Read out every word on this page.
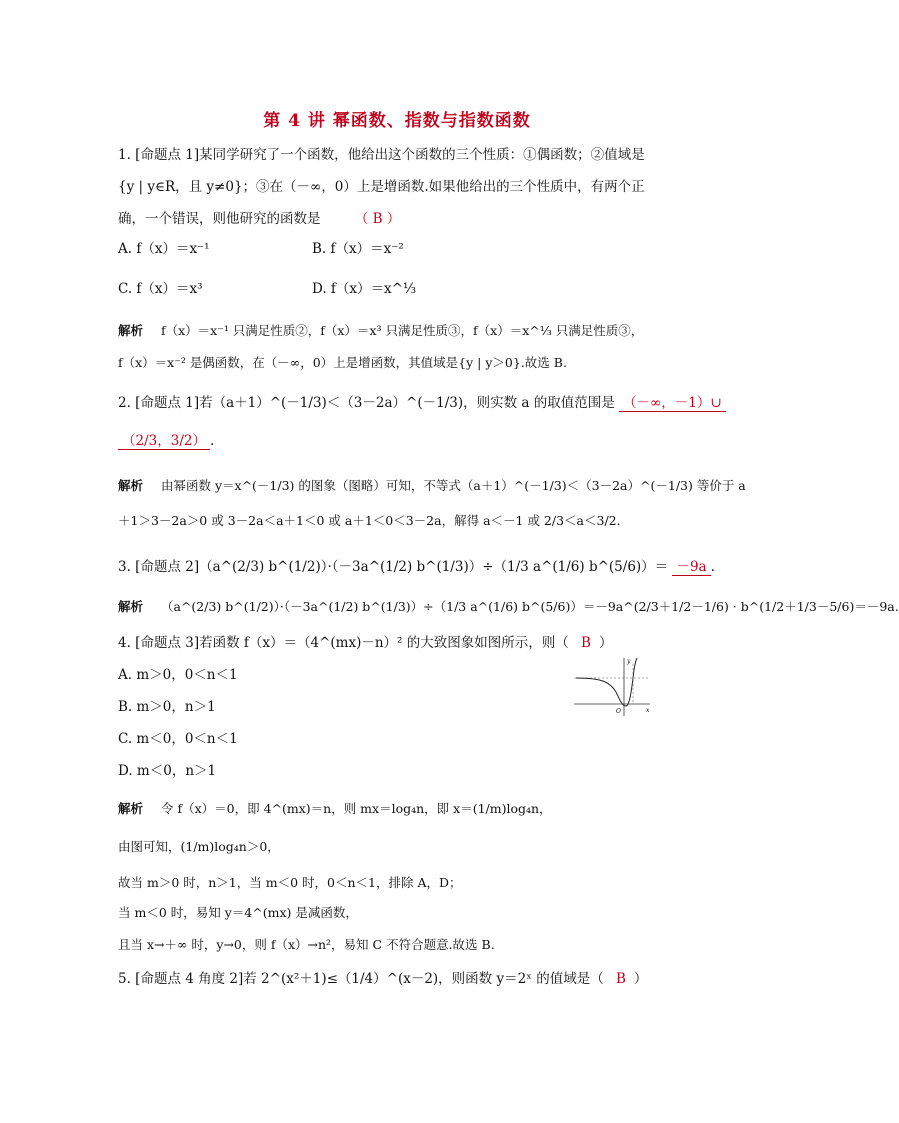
第 4 讲 幂函数、指数与指数函数
1. [命题点 1]某同学研究了一个函数，他给出这个函数的三个性质：①偶函数；②值域是
{y | y∈R，且 y≠0}；③在（－∞，0）上是增函数.如果他给出的三个性质中，有两个正
确，一个错误，则他研究的函数是	（ B ）
A. f（x）＝x⁻¹	B. f（x）＝x⁻²
C. f（x）＝x³	D. f（x）＝x^⅓
解析 f（x）＝x⁻¹ 只满足性质②，f（x）＝x³ 只满足性质③，f（x）＝x^⅓ 只满足性质③，
f（x）＝x⁻² 是偶函数，在（－∞，0）上是增函数，其值域是{y | y＞0}.故选 B.
2. [命题点 1]若（a＋1）^(－1/3)＜（3－2a）^(－1/3)，则实数 a 的取值范围是 （－∞，－1）∪
（2/3，3/2） .
解析 由幂函数 y＝x^(－1/3) 的图象（图略）可知，不等式（a＋1）^(－1/3)＜（3－2a）^(－1/3) 等价于 a
＋1＞3－2a＞0 或 3－2a＜a＋1＜0 或 a＋1＜0＜3－2a，解得 a＜－1 或 2/3＜a＜3/2.
3. [命题点 2]（a^(2/3) b^(1/2)）·（－3a^(1/2) b^(1/3)）÷（1/3 a^(1/6) b^(5/6)）＝ －9a .
解析 （a^(2/3) b^(1/2)）·（－3a^(1/2) b^(1/3)）÷（1/3 a^(1/6) b^(5/6)）＝－9a^(2/3＋1/2－1/6) · b^(1/2＋1/3－5/6)＝－9a.
4. [命题点 3]若函数 f（x）＝（4^(mx)－n）² 的大致图象如图所示，则（ B ）
A. m＞0，0＜n＜1
B. m＞0，n＞1
C. m＜0，0＜n＜1
D. m＜0，n＞1
y
O	x
解析 令 f（x）＝0，即 4^(mx)＝n，则 mx＝log₄n，即 x＝(1/m)log₄n，
由图可知，(1/m)log₄n＞0，
故当 m＞0 时，n＞1，当 m＜0 时，0＜n＜1，排除 A，D；
当 m＜0 时，易知 y＝4^(mx) 是减函数，
且当 x→＋∞ 时，y→0，则 f（x）→n²，易知 C 不符合题意.故选 B.
5. [命题点 4 角度 2]若 2^(x²＋1)≤（1/4）^(x－2)，则函数 y＝2ˣ 的值域是（ B ）
